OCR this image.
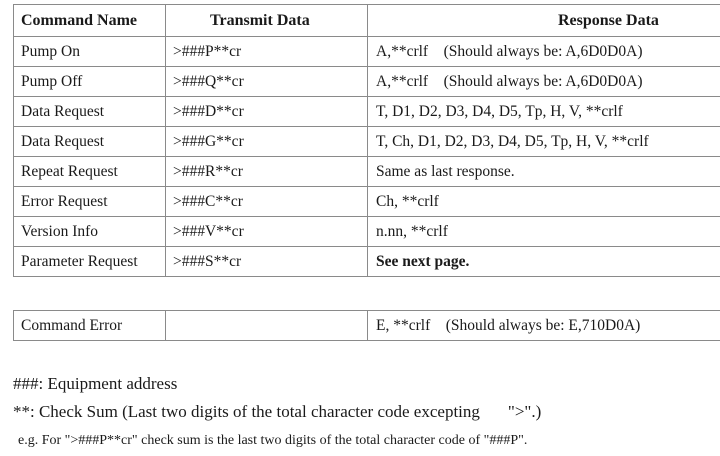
Command Name	Transmit Data	Response Data
Pump On	>###P**cr	A,**crlf    (Should always be: A,6D0D0A)
Pump Off	>###Q**cr	A,**crlf    (Should always be: A,6D0D0A)
Data Request	>###D**cr	T, D1, D2, D3, D4, D5, Tp, H, V, **crlf
Data Request	>###G**cr	T, Ch, D1, D2, D3, D4, D5, Tp, H, V, **crlf
Repeat Request	>###R**cr	Same as last response.
Error Request	>###C**cr	Ch, **crlf
Version Info	>###V**cr	n.nn, **crlf
Parameter Request	>###S**cr	See next page.
Command Error		E, **crlf    (Should always be: E,710D0A)
###: Equipment address
**: Check Sum (Last two digits of the total character code excepting ">".)
e.g. For ">###P**cr" check sum is the last two digits of the total character code of "###P".
